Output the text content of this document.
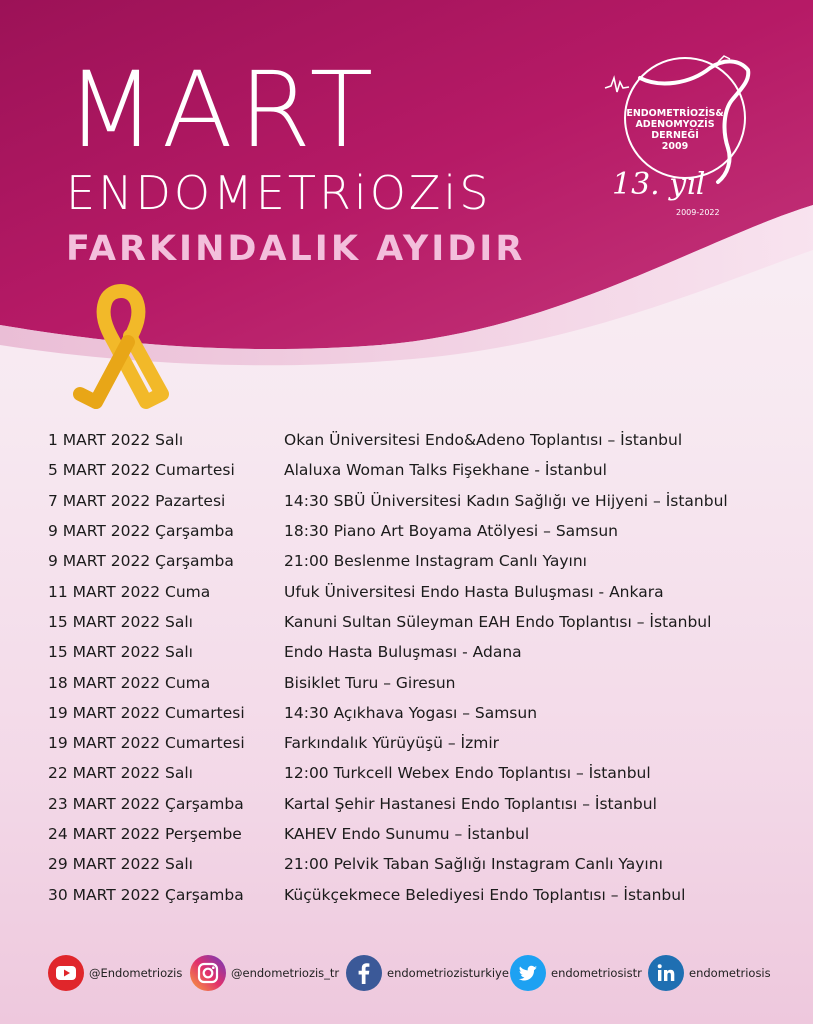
MART
ENDOMETRiOZiS
FARKINDALIK AYIDIR
ENDOMETRİOZİS&
ADENOMYOZİS
DERNEĞİ
2009
13. yıl
2009-2022
1 MART 2022 Salı	Okan Üniversitesi Endo&Adeno Toplantısı – İstanbul
5 MART 2022 Cumartesi	Alaluxa Woman Talks Fişekhane - İstanbul
7 MART 2022 Pazartesi	14:30 SBÜ Üniversitesi Kadın Sağlığı ve Hijyeni – İstanbul
9 MART 2022 Çarşamba	18:30 Piano Art Boyama Atölyesi – Samsun
9 MART 2022 Çarşamba	21:00 Beslenme Instagram Canlı Yayını
11 MART 2022 Cuma	Ufuk Üniversitesi Endo Hasta Buluşması - Ankara
15 MART 2022 Salı	Kanuni Sultan Süleyman EAH Endo Toplantısı – İstanbul
15 MART 2022 Salı	Endo Hasta Buluşması - Adana
18 MART 2022 Cuma	Bisiklet Turu – Giresun
19 MART 2022 Cumartesi	14:30 Açıkhava Yogası – Samsun
19 MART 2022 Cumartesi	Farkındalık Yürüyüşü – İzmir
22 MART 2022 Salı	12:00 Turkcell Webex Endo Toplantısı – İstanbul
23 MART 2022 Çarşamba	Kartal Şehir Hastanesi Endo Toplantısı – İstanbul
24 MART 2022 Perşembe	KAHEV Endo Sunumu – İstanbul
29 MART 2022 Salı	21:00 Pelvik Taban Sağlığı Instagram Canlı Yayını
30 MART 2022 Çarşamba	Küçükçekmece Belediyesi Endo Toplantısı – İstanbul
@Endometriozis	@endometriozis_tr	endometriozisturkiye	endometriosistr	endometriosis
